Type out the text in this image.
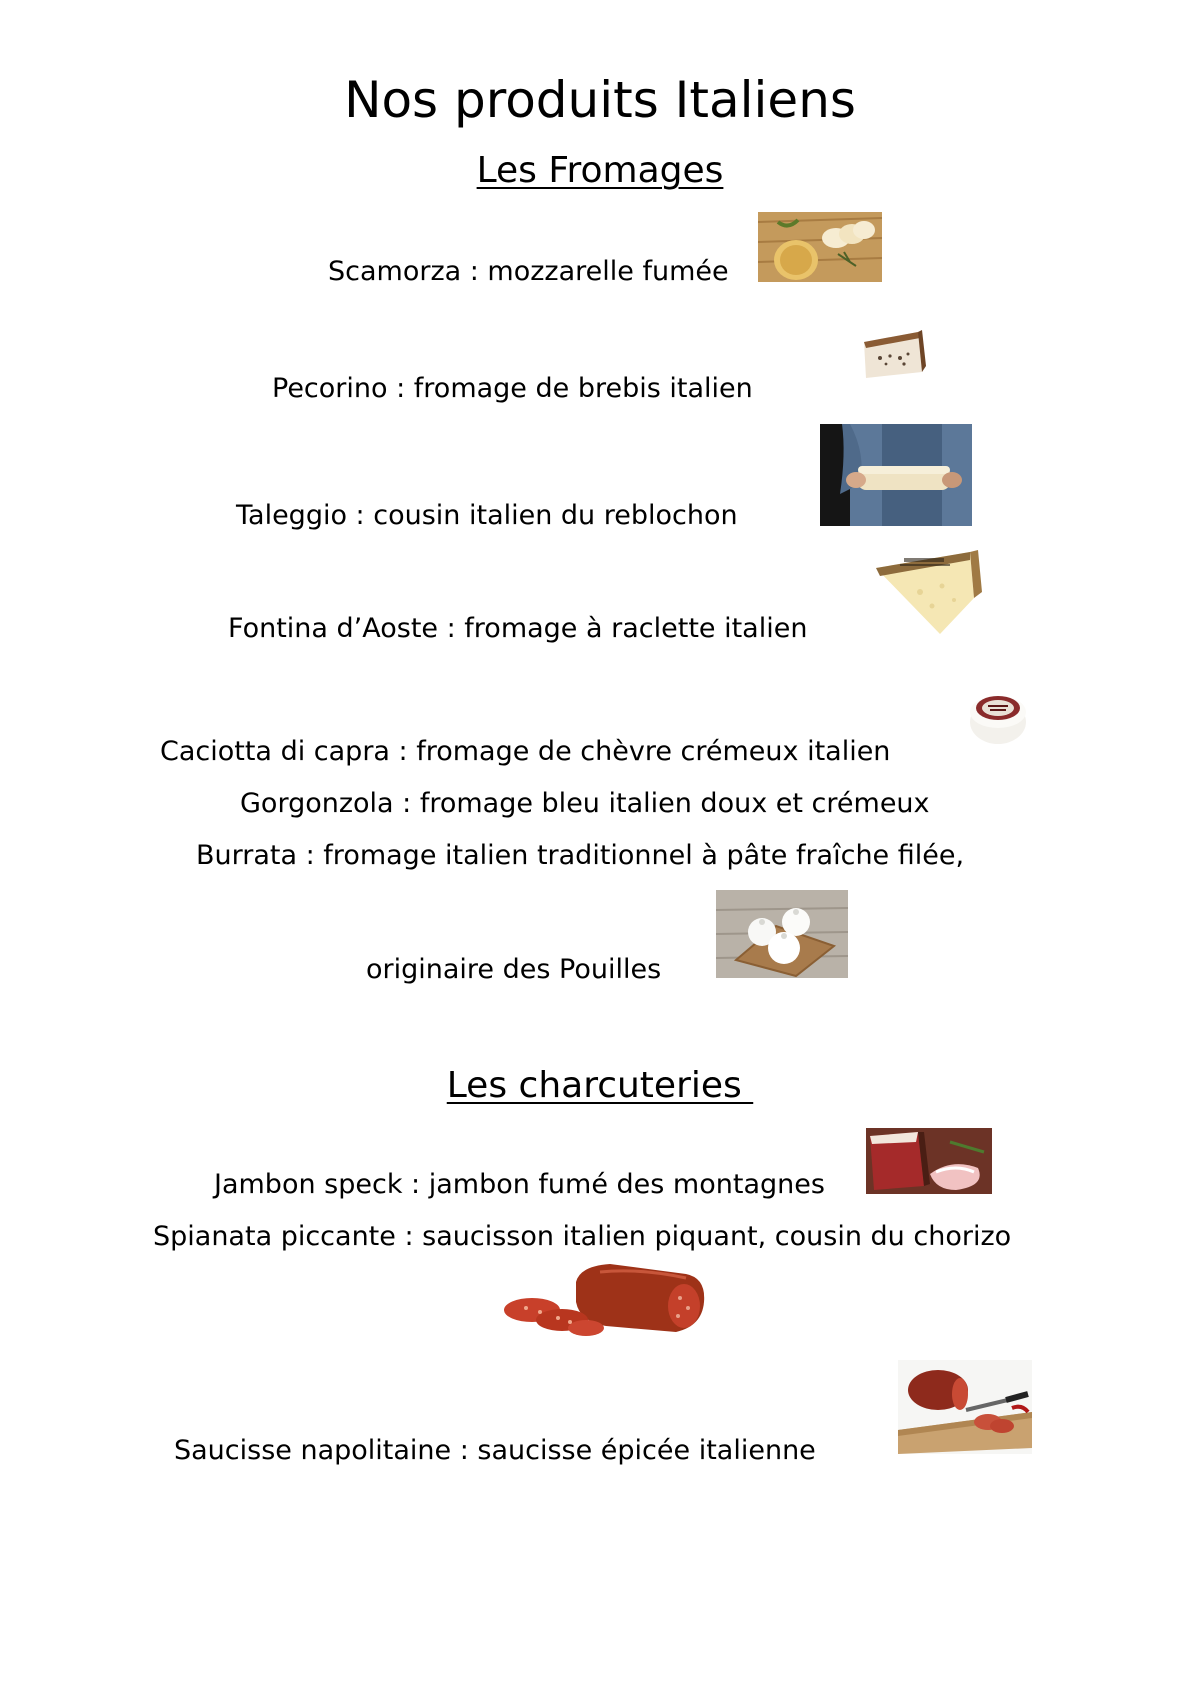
Nos produits Italiens
Les Fromages
Scamorza : mozzarelle fumée
Pecorino : fromage de brebis italien
Taleggio : cousin italien du reblochon
Fontina d’Aoste : fromage à raclette italien
Caciotta di capra : fromage de chèvre crémeux italien
Gorgonzola : fromage bleu italien doux et crémeux
Burrata : fromage italien traditionnel à pâte fraîche filée,
originaire des Pouilles
Les charcuteries
Jambon speck : jambon fumé des montagnes
Spianata piccante : saucisson italien piquant, cousin du chorizo
Saucisse napolitaine : saucisse épicée italienne
